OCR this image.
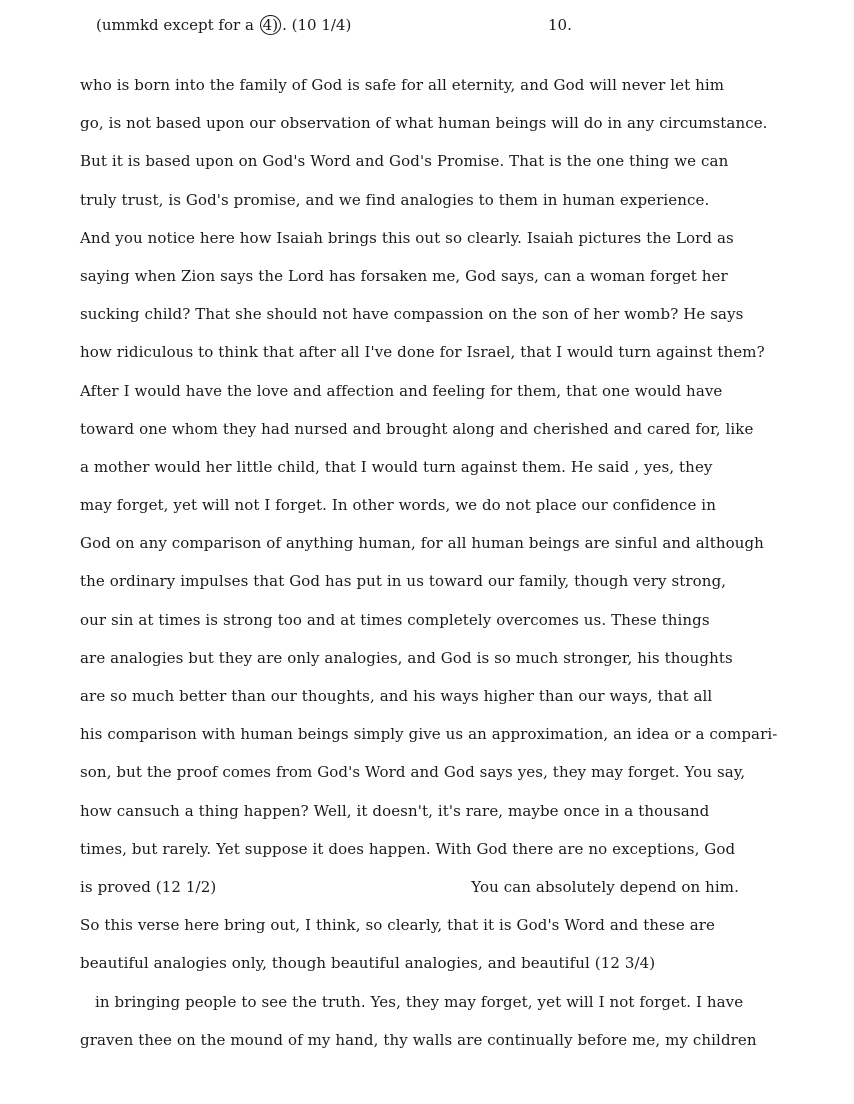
(ummkd except for a 4) . (10 1/4)	10.
who is born into the family of God is safe for all eternity, and God will never let him
go, is not based upon our observation of what human beings will do in any circumstance.
But it is based upon on God's Word and God's Promise. That is the one thing we can
truly trust, is God's promise, and we find analogies to them in human experience.
And you notice here how Isaiah brings this out so clearly. Isaiah pictures the Lord as
saying when Zion says the Lord has forsaken me, God says, can a woman forget her
sucking child? That she should not have compassion on the son of her womb? He says
how ridiculous to think that after all I've done for Israel, that I would turn against them?
After I would have the love and affection and feeling for them, that one would have
toward one whom they had nursed and brought along and cherished and cared for, like
a mother would her little child, that I would turn against them. He said , yes, they
may forget, yet will not I forget. In other words, we do not place our confidence in
God on any comparison of anything human, for all human beings are sinful and although
the ordinary impulses that God has put in us toward our family, though very strong,
our sin at times is strong too and at times completely overcomes us. These things
are analogies but they are only analogies, and God is so much stronger, his thoughts
are so much better than our thoughts, and his ways higher than our ways, that all
his comparison with human beings simply give us an approximation, an idea or a compari-
son, but the proof comes from God's Word and God says yes, they may forget. You say,
how cansuch a thing happen? Well, it doesn't, it's rare, maybe once in a thousand
times, but rarely. Yet suppose it does happen. With God there are no exceptions, God
is proved (12 1/2)	You can absolutely depend on him.
So this verse here bring out, I think, so clearly, that it is God's Word and these are
beautiful analogies only, though beautiful analogies, and beautiful (12 3/4)
in bringing people to see the truth. Yes, they may forget, yet will I not forget. I have
graven thee on the mound of my hand, thy walls are continually before me, my children
